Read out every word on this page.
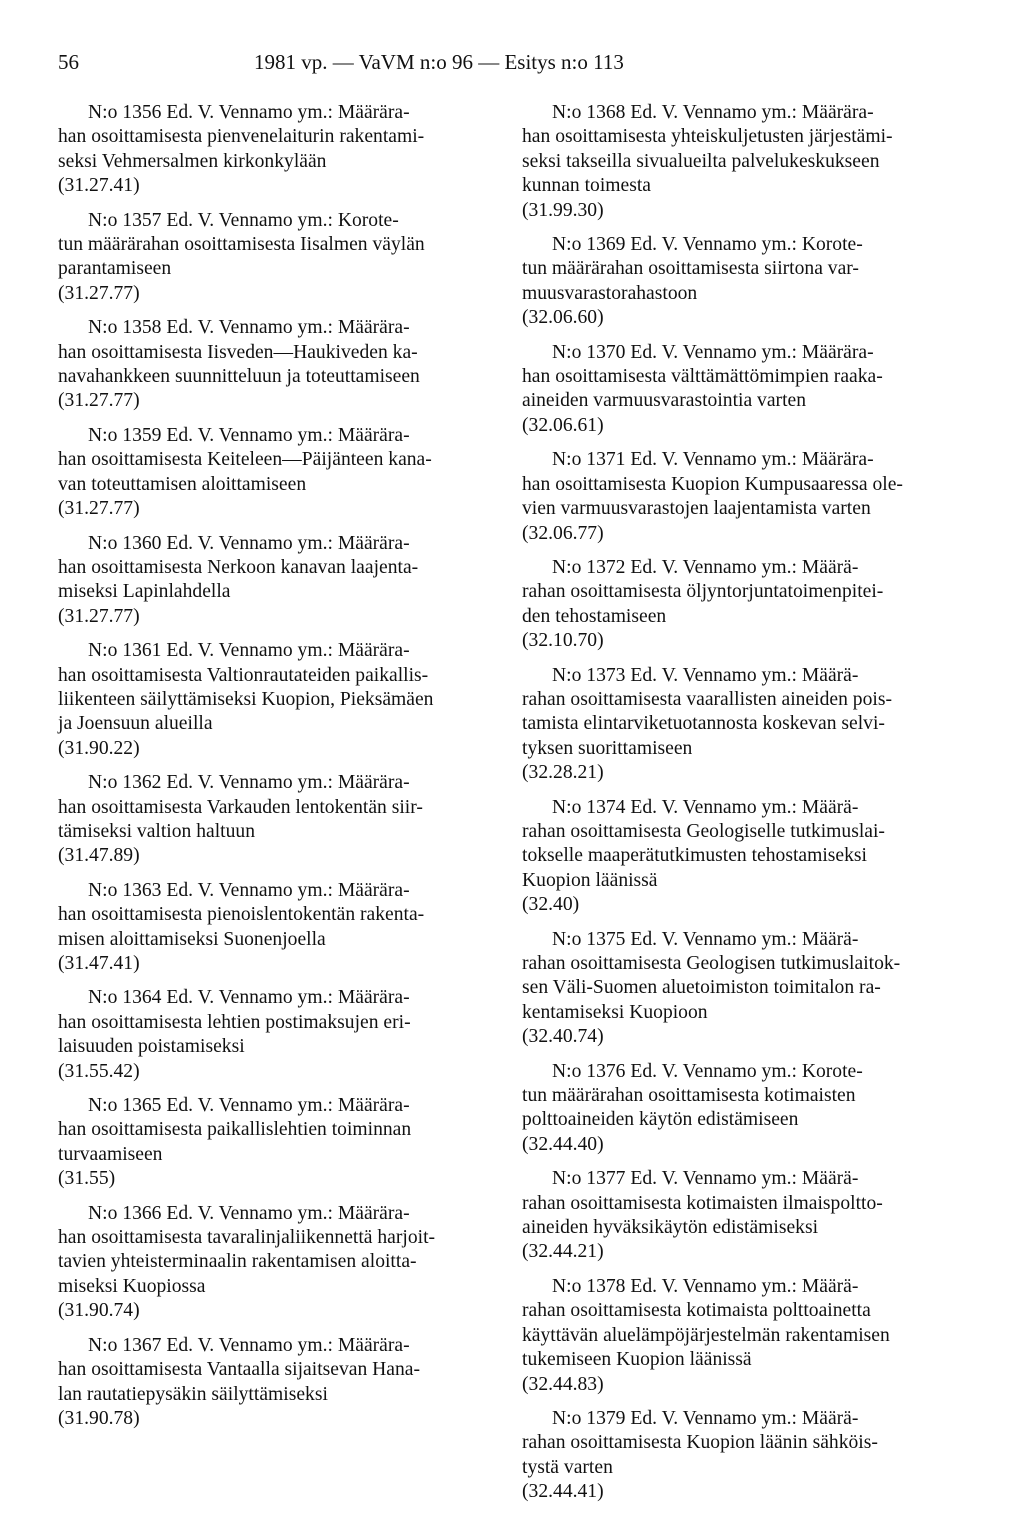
56	1981 vp. — VaVM n:o 96 — Esitys n:o 113
N:o 1356 Ed. V. Vennamo ym.: Määrära-
han osoittamisesta pienvenelaiturin rakentami-
seksi Vehmersalmen kirkonkylään
(31.27.41)
N:o 1357 Ed. V. Vennamo ym.: Korote-
tun määrärahan osoittamisesta Iisalmen väylän
parantamiseen
(31.27.77)
N:o 1358 Ed. V. Vennamo ym.: Määrära-
han osoittamisesta Iisveden—Haukiveden ka-
navahankkeen suunnitteluun ja toteuttamiseen
(31.27.77)
N:o 1359 Ed. V. Vennamo ym.: Määrära-
han osoittamisesta Keiteleen—Päijänteen kana-
van toteuttamisen aloittamiseen
(31.27.77)
N:o 1360 Ed. V. Vennamo ym.: Määrära-
han osoittamisesta Nerkoon kanavan laajenta-
miseksi Lapinlahdella
(31.27.77)
N:o 1361 Ed. V. Vennamo ym.: Määrära-
han osoittamisesta Valtionrautateiden paikallis-
liikenteen säilyttämiseksi Kuopion, Pieksämäen
ja Joensuun alueilla
(31.90.22)
N:o 1362 Ed. V. Vennamo ym.: Määrära-
han osoittamisesta Varkauden lentokentän siir-
tämiseksi valtion haltuun
(31.47.89)
N:o 1363 Ed. V. Vennamo ym.: Määrära-
han osoittamisesta pienoislentokentän rakenta-
misen aloittamiseksi Suonenjoella
(31.47.41)
N:o 1364 Ed. V. Vennamo ym.: Määrära-
han osoittamisesta lehtien postimaksujen eri-
laisuuden poistamiseksi
(31.55.42)
N:o 1365 Ed. V. Vennamo ym.: Määrära-
han osoittamisesta paikallislehtien toiminnan
turvaamiseen
(31.55)
N:o 1366 Ed. V. Vennamo ym.: Määrära-
han osoittamisesta tavaralinjaliikennettä harjoit-
tavien yhteisterminaalin rakentamisen aloitta-
miseksi Kuopiossa
(31.90.74)
N:o 1367 Ed. V. Vennamo ym.: Määrära-
han osoittamisesta Vantaalla sijaitsevan Hana-
lan rautatiepysäkin säilyttämiseksi
(31.90.78)
N:o 1368 Ed. V. Vennamo ym.: Määrära-
han osoittamisesta yhteiskuljetusten järjestämi-
seksi takseilla sivualueilta palvelukeskukseen
kunnan toimesta
(31.99.30)
N:o 1369 Ed. V. Vennamo ym.: Korote-
tun määrärahan osoittamisesta siirtona var-
muusvarastorahastoon
(32.06.60)
N:o 1370 Ed. V. Vennamo ym.: Määrära-
han osoittamisesta välttämättömimpien raaka-
aineiden varmuusvarastointia varten
(32.06.61)
N:o 1371 Ed. V. Vennamo ym.: Määrära-
han osoittamisesta Kuopion Kumpusaaressa ole-
vien varmuusvarastojen laajentamista varten
(32.06.77)
N:o 1372 Ed. V. Vennamo ym.: Määrä-
rahan osoittamisesta öljyntorjuntatoimenpitei-
den tehostamiseen
(32.10.70)
N:o 1373 Ed. V. Vennamo ym.: Määrä-
rahan osoittamisesta vaarallisten aineiden pois-
tamista elintarviketuotannosta koskevan selvi-
tyksen suorittamiseen
(32.28.21)
N:o 1374 Ed. V. Vennamo ym.: Määrä-
rahan osoittamisesta Geologiselle tutkimuslai-
tokselle maaperätutkimusten tehostamiseksi
Kuopion läänissä
(32.40)
N:o 1375 Ed. V. Vennamo ym.: Määrä-
rahan osoittamisesta Geologisen tutkimuslaitok-
sen Väli-Suomen aluetoimiston toimitalon ra-
kentamiseksi Kuopioon
(32.40.74)
N:o 1376 Ed. V. Vennamo ym.: Korote-
tun määrärahan osoittamisesta kotimaisten
polttoaineiden käytön edistämiseen
(32.44.40)
N:o 1377 Ed. V. Vennamo ym.: Määrä-
rahan osoittamisesta kotimaisten ilmaispoltto-
aineiden hyväksikäytön edistämiseksi
(32.44.21)
N:o 1378 Ed. V. Vennamo ym.: Määrä-
rahan osoittamisesta kotimaista polttoainetta
käyttävän aluelämpöjärjestelmän rakentamisen
tukemiseen Kuopion läänissä
(32.44.83)
N:o 1379 Ed. V. Vennamo ym.: Määrä-
rahan osoittamisesta Kuopion läänin sähköis-
tystä varten
(32.44.41)
